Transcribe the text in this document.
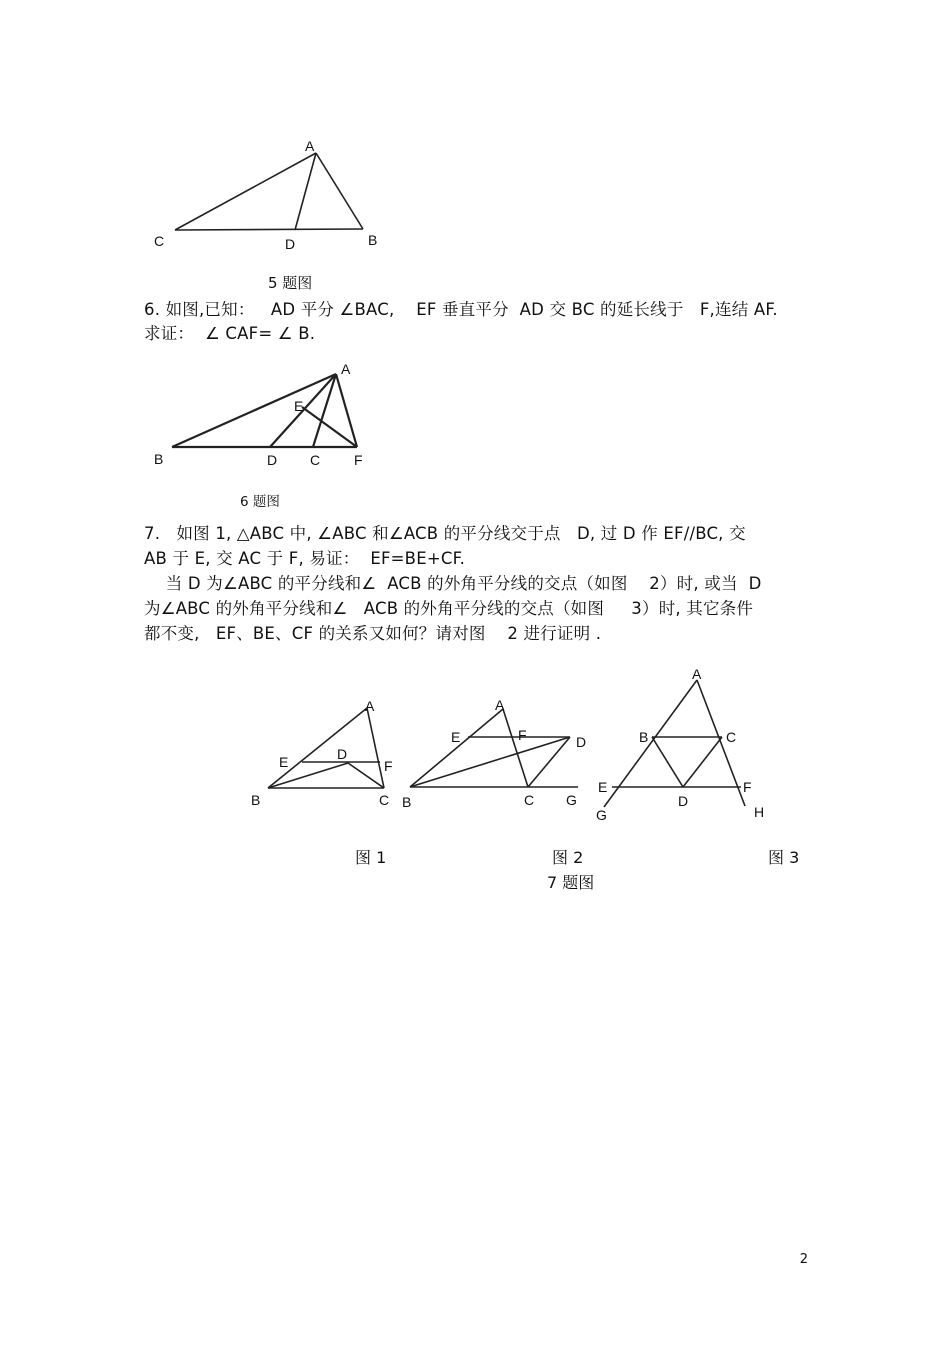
A
C	D	B
5 题图
6. 如图,已知：   AD 平分 ∠BAC,    EF 垂直平分  AD 交 BC 的延长线于   F,连结 AF.
求证：  ∠ CAF= ∠ B.
A
E
B	D C F
6 题图
7.   如图 1, △ABC 中, ∠ABC 和∠ACB 的平分线交于点   D, 过 D 作 EF//BC, 交
AB 于 E, 交 AC 于 F, 易证：  EF=BE+CF.
当 D 为∠ABC 的平分线和∠  ACB 的外角平分线的交点（如图    2）时, 或当  D
为∠ABC 的外角平分线和∠   ACB 的外角平分线的交点（如图     3）时, 其它条件
都不变,   EF、BE、CF 的关系又如何？请对图    2 进行证明 .
A
E	D
F
B	C
A
E	F	D
B	C G
A
B	C
E
D
F
G	H
图 1	图 2	图 3
7 题图
2
